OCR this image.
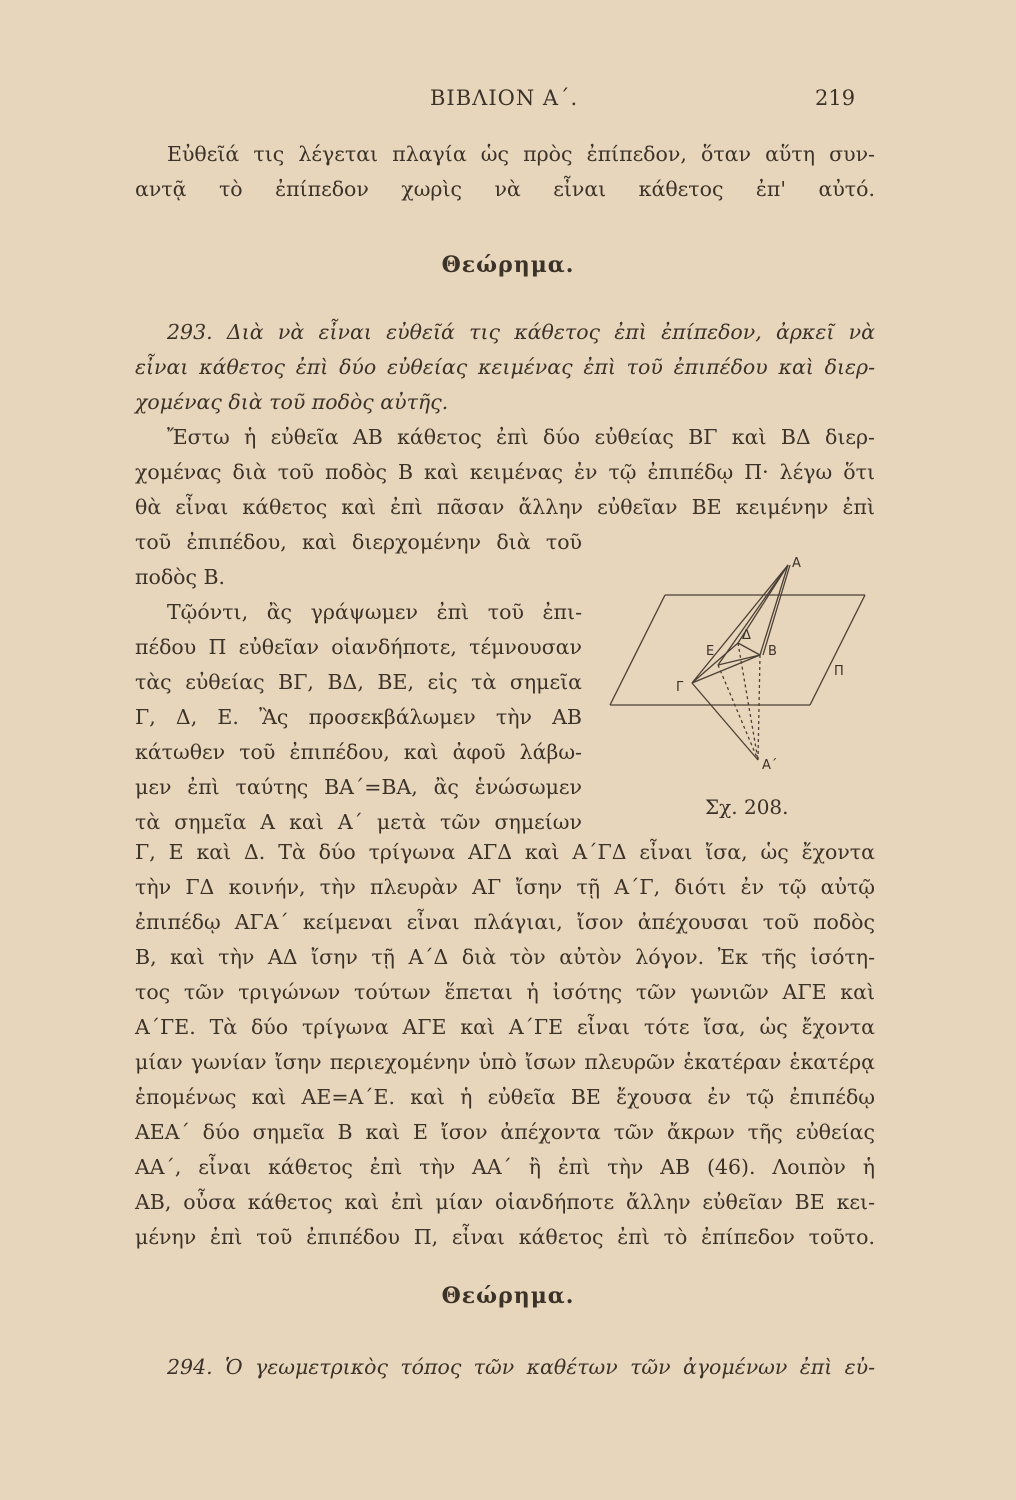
ΒΙΒΛΙΟΝ Α΄.	219
Εὐθεῖά τις λέγεται πλαγία ὡς πρὸς ἐπίπεδον, ὅταν αὕτη συν-
αντᾷ τὸ ἐπίπεδον χωρὶς νὰ εἶναι κάθετος ἐπ' αὐτό.
Θεώρημα.
293. Διὰ νὰ εἶναι εὐθεῖά τις κάθετος ἐπὶ ἐπίπεδον, ἀρκεῖ νὰ
εἶναι κάθετος ἐπὶ δύο εὐθείας κειμένας ἐπὶ τοῦ ἐπιπέδου καὶ διερ-
χομένας διὰ τοῦ ποδὸς αὐτῆς.
Ἔστω ἡ εὐθεῖα ΑΒ κάθετος ἐπὶ δύο εὐθείας ΒΓ καὶ ΒΔ διερ-
χομένας διὰ τοῦ ποδὸς Β καὶ κειμένας ἐν τῷ ἐπιπέδῳ Π· λέγω ὅτι
θὰ εἶναι κάθετος καὶ ἐπὶ πᾶσαν ἄλλην εὐθεῖαν ΒΕ κειμένην ἐπὶ
τοῦ ἐπιπέδου, καὶ διερχομένην διὰ τοῦ
ποδὸς Β.
Τῷόντι, ἂς γράψωμεν ἐπὶ τοῦ ἐπι-
πέδου Π εὐθεῖαν οἱανδήποτε, τέμνουσαν
τὰς εὐθείας ΒΓ, ΒΔ, ΒΕ, εἰς τὰ σημεῖα
Γ, Δ, Ε. Ἂς προσεκβάλωμεν τὴν ΑΒ
κάτωθεν τοῦ ἐπιπέδου, καὶ ἀφοῦ λάβω-
μεν ἐπὶ ταύτης ΒΑ΄=ΒΑ, ἂς ἑνώσωμεν
τὰ σημεῖα Α καὶ Α΄ μετὰ τῶν σημείων
Α
Α΄
Β
Γ
Δ
Ε
Π
Σχ. 208.
Γ, Ε καὶ Δ. Τὰ δύο τρίγωνα ΑΓΔ καὶ Α΄ΓΔ εἶναι ἴσα, ὡς ἔχοντα
τὴν ΓΔ κοινήν, τὴν πλευρὰν ΑΓ ἴσην τῇ Α΄Γ, διότι ἐν τῷ αὐτῷ
ἐπιπέδῳ ΑΓΑ΄ κείμεναι εἶναι πλάγιαι, ἴσον ἀπέχουσαι τοῦ ποδὸς
Β, καὶ τὴν ΑΔ ἴσην τῇ Α΄Δ διὰ τὸν αὐτὸν λόγον. Ἐκ τῆς ἰσότη-
τος τῶν τριγώνων τούτων ἕπεται ἡ ἰσότης τῶν γωνιῶν ΑΓΕ καὶ
Α΄ΓΕ. Τὰ δύο τρίγωνα ΑΓΕ καὶ Α΄ΓΕ εἶναι τότε ἴσα, ὡς ἔχοντα
μίαν γωνίαν ἴσην περιεχομένην ὑπὸ ἴσων πλευρῶν ἑκατέραν ἑκατέρᾳ
ἑπομένως καὶ ΑΕ=Α΄Ε. καὶ ἡ εὐθεῖα ΒΕ ἔχουσα ἐν τῷ ἐπιπέδῳ
ΑΕΑ΄ δύο σημεῖα Β καὶ Ε ἴσον ἀπέχοντα τῶν ἄκρων τῆς εὐθείας
ΑΑ΄, εἶναι κάθετος ἐπὶ τὴν ΑΑ΄ ἢ ἐπὶ τὴν ΑΒ (46). Λοιπὸν ἡ
ΑΒ, οὖσα κάθετος καὶ ἐπὶ μίαν οἱανδήποτε ἄλλην εὐθεῖαν ΒΕ κει-
μένην ἐπὶ τοῦ ἐπιπέδου Π, εἶναι κάθετος ἐπὶ τὸ ἐπίπεδον τοῦτο.
Θεώρημα.
294. Ὁ γεωμετρικὸς τόπος τῶν καθέτων τῶν ἀγομένων ἐπὶ εὐ-
